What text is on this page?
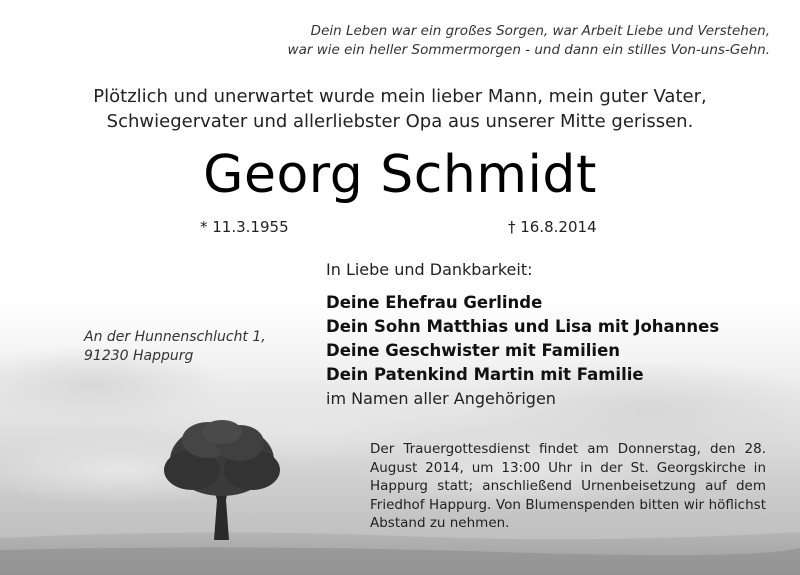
Dein Leben war ein großes Sorgen, war Arbeit Liebe und Verstehen,
war wie ein heller Sommermorgen - und dann ein stilles Von-uns-Gehn.
Plötzlich und unerwartet wurde mein lieber Mann, mein guter Vater,
Schwiegervater und allerliebster Opa aus unserer Mitte gerissen.
Georg Schmidt
* 11.3.1955	† 16.8.2014
In Liebe und Dankbarkeit:
Deine Ehefrau Gerlinde
Dein Sohn Matthias und Lisa mit Johannes
Deine Geschwister mit Familien
Dein Patenkind Martin mit Familie
im Namen aller Angehörigen
An der Hunnenschlucht 1,
91230 Happurg
Der Trauergottesdienst findet am Donnerstag, den 28. August 2014, um 13:00 Uhr in der St. Georgskirche in Happurg statt; anschließend Urnenbeisetzung auf dem Friedhof Happurg. Von Blumenspenden bitten wir höflichst Abstand zu nehmen.
